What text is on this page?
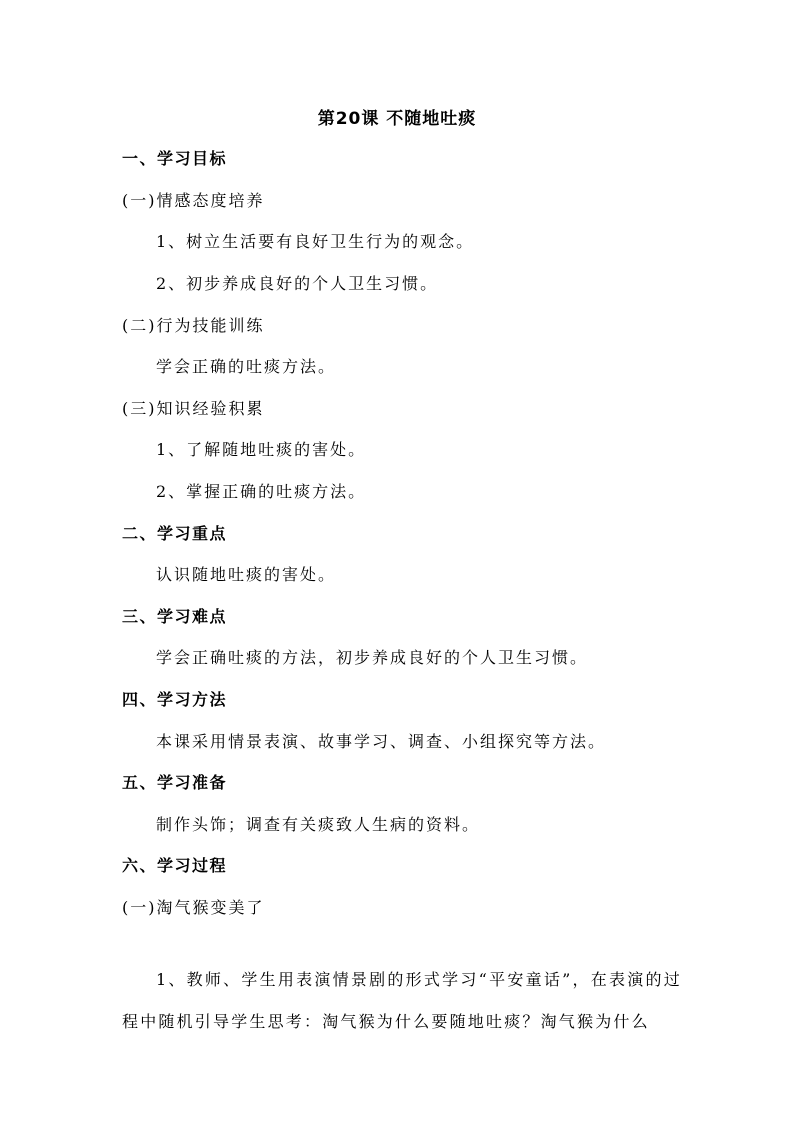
第20课 不随地吐痰
一、学习目标
(一)情感态度培养
1、树立生活要有良好卫生行为的观念。
2、初步养成良好的个人卫生习惯。
(二)行为技能训练
学会正确的吐痰方法。
(三)知识经验积累
1、了解随地吐痰的害处。
2、掌握正确的吐痰方法。
二、学习重点
认识随地吐痰的害处。
三、学习难点
学会正确吐痰的方法，初步养成良好的个人卫生习惯。
四、学习方法
本课采用情景表演、故事学习、调查、小组探究等方法。
五、学习准备
制作头饰；调查有关痰致人生病的资料。
六、学习过程
(一)淘气猴变美了
1、教师、学生用表演情景剧的形式学习“平安童话”，在表演的过程中随机引导学生思考：淘气猴为什么要随地吐痰？淘气猴为什么
